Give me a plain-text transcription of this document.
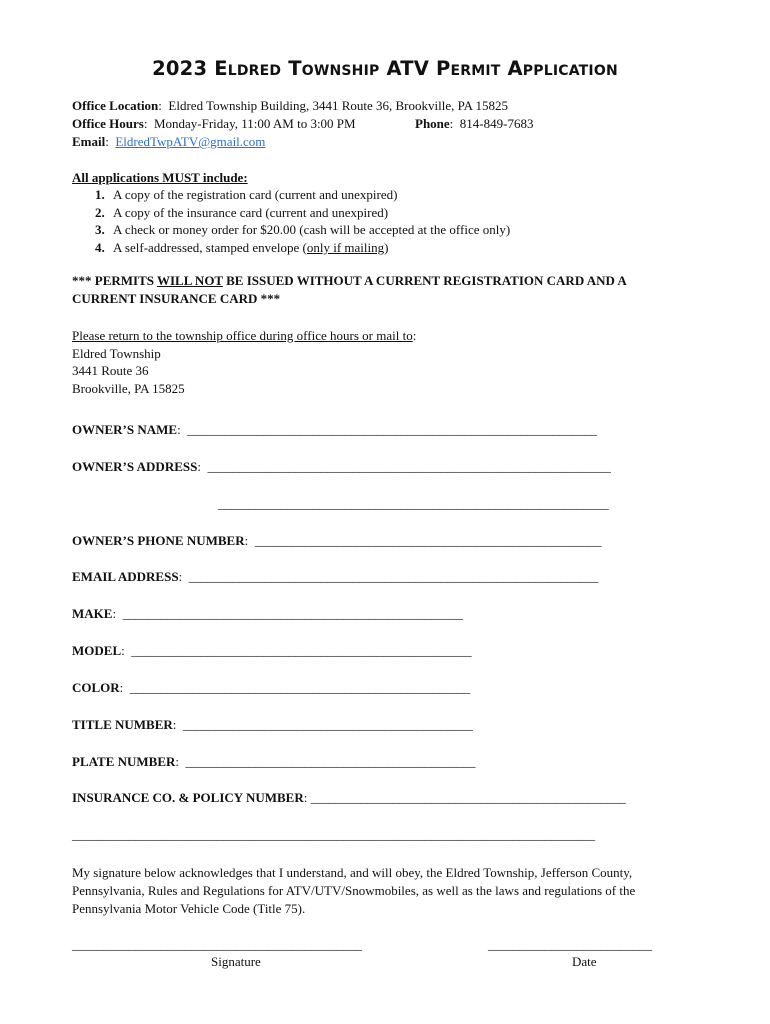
2023 Eldred Township ATV Permit Application
Office Location:  Eldred Township Building, 3441 Route 36, Brookville, PA 15825
Office Hours:  Monday-Friday, 11:00 AM to 3:00 PM	Phone:  814-849-7683
Email:  EldredTwpATV@gmail.com
All applications MUST include:
1. A copy of the registration card (current and unexpired)
2. A copy of the insurance card (current and unexpired)
3. A check or money order for $20.00 (cash will be accepted at the office only)
4. A self-addressed, stamped envelope (only if mailing)
*** PERMITS WILL NOT BE ISSUED WITHOUT A CURRENT REGISTRATION CARD AND A
CURRENT INSURANCE CARD ***
Please return to the township office during office hours or mail to:
Eldred Township
3441 Route 36
Brookville, PA 15825
OWNER’S NAME:  _________________________________________________________________
OWNER’S ADDRESS:  ________________________________________________________________
______________________________________________________________
OWNER’S PHONE NUMBER:  _______________________________________________________
EMAIL ADDRESS:  _________________________________________________________________
MAKE:  ______________________________________________________
MODEL:  ______________________________________________________
COLOR:  ______________________________________________________
TITLE NUMBER:  ______________________________________________
PLATE NUMBER:  ______________________________________________
INSURANCE CO. & POLICY NUMBER: __________________________________________________
___________________________________________________________________________________
My signature below acknowledges that I understand, and will obey, the Eldred Township, Jefferson County,
Pennsylvania, Rules and Regulations for ATV/UTV/Snowmobiles, as well as the laws and regulations of the
Pennsylvania Motor Vehicle Code (Title 75).
______________________________________________	__________________________
Signature	Date
